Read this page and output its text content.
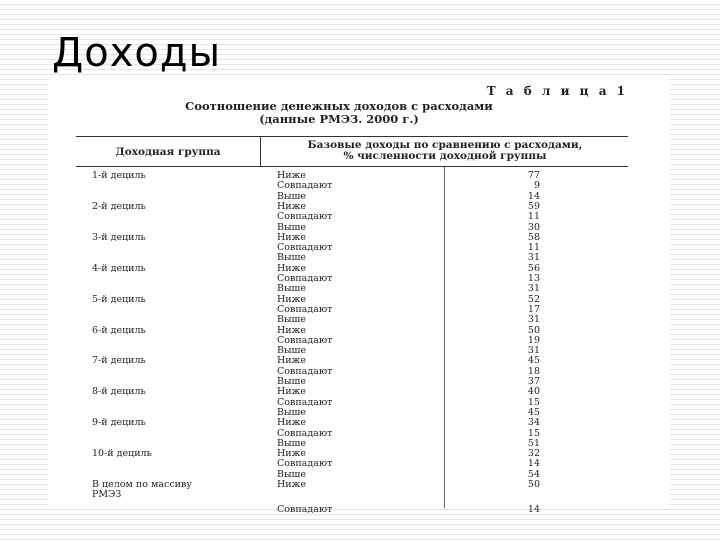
Доходы
Т а б л и ц а 1
Соотношение денежных доходов с расходами
(данные РМЭЗ. 2000 г.)
Доходная группа
Базовые доходы по сравнению с расходами,
% численности доходной группы
1-й дециль	Ниже	77
Совпадают	9
Выше	14
2-й дециль	Ниже	59
Совпадают	11
Выше	30
3-й дециль	Ниже	58
Совпадают	11
Выше	31
4-й дециль	Ниже	56
Совпадают	13
Выше	31
5-й дециль	Ниже	52
Совпадают	17
Выше	31
6-й дециль	Ниже	50
Совпадают	19
Выше	31
7-й дециль	Ниже	45
Совпадают	18
Выше	37
8-й дециль	Ниже	40
Совпадают	15
Выше	45
9-й дециль	Ниже	34
Совпадают	15
Выше	51
10-й дециль	Ниже	32
Совпадают	14
Выше	54
В целом по массиву	Ниже	50
РМЭЗ
Совпадают	14
